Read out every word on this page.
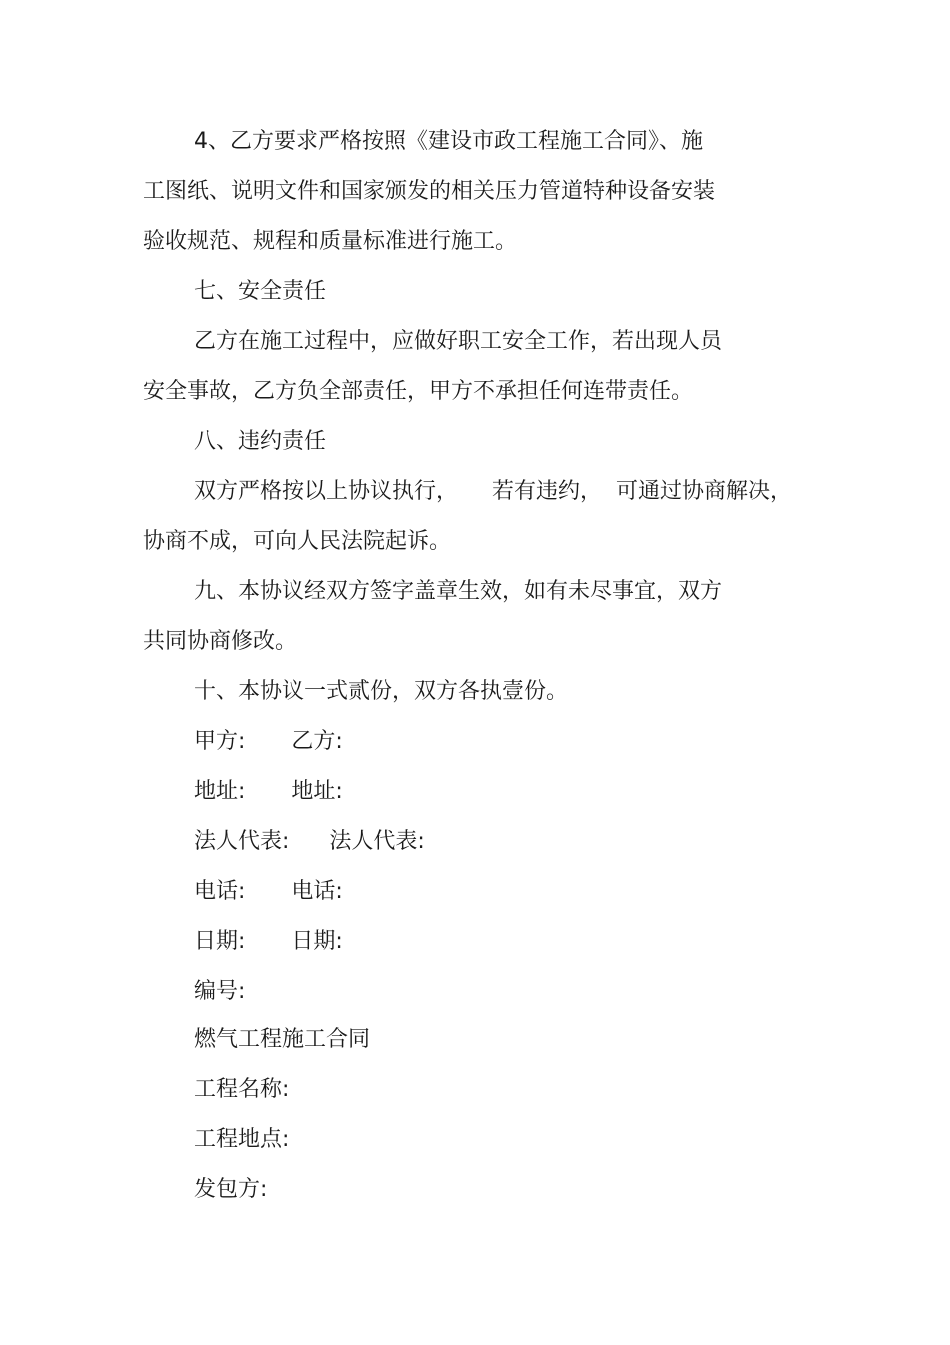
4、乙方要求严格按照《建设市政工程施工合同》、施
工图纸、说明文件和国家颁发的相关压力管道特种设备安装
验收规范、规程和质量标准进行施工。
七、安全责任
乙方在施工过程中，应做好职工安全工作，若出现人员
安全事故，乙方负全部责任，甲方不承担任何连带责任。
八、违约责任
双方严格按以上协议执行， 若有违约， 可通过协商解决，
协商不成，可向人民法院起诉。
九、本协议经双方签字盖章生效，如有未尽事宜，双方
共同协商修改。
十、本协议一式贰份，双方各执壹份。
甲方: 乙方:
地址: 地址:
法人代表: 法人代表:
电话: 电话:
日期: 日期:
编号:
燃气工程施工合同
工程名称:
工程地点:
发包方:
